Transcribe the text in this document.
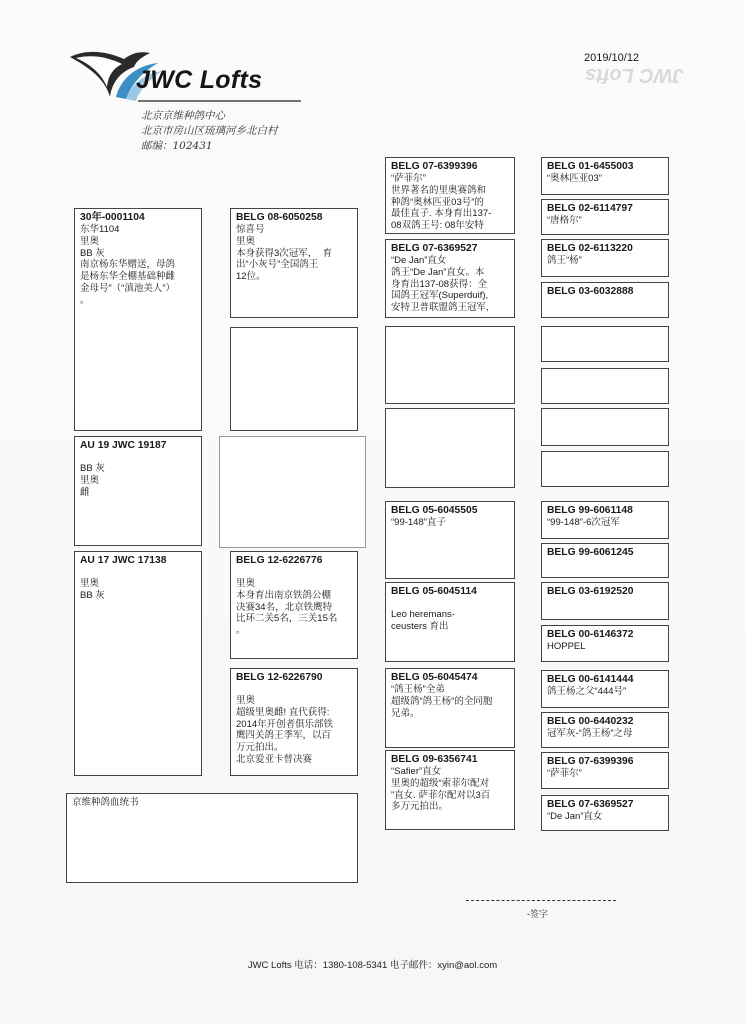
JWC Lofts
2019/10/12
JWC Lofts
北京京维种鸽中心
北京市房山区琉璃河乡北白村
邮编：102431
30年-0001104
东华1104
里奥
BB 灰
南京杨东华赠送，母鸽
是杨东华全棚基础种雌
金母号”（“滇池美人”）
。
AU 19 JWC 19187
BB 灰
里奥
雌
AU 17 JWC 17138
里奥
BB 灰
BELG 08-6050258
惊喜号
里奥
本身获得3次冠军，  育
出“小灰号”全国鸽王
12位。
BELG 12-6226776
里奥
本身育出南京铁鸽公棚
决赛34名，北京铁鹰特
比环二关5名，三关15名
。
BELG 12-6226790
里奥
超级里奥雌! 直代获得:
2014年开创者俱乐部铁
鹰四关鸽王季军，以百
万元拍出。
北京爱亚卡替决赛
BELG 07-6399396
“萨菲尔”
世界著名的里奥赛鸽和
种鸽“奥林匹亚03号”的
最佳直子. 本身育出137-
08双鸽王号: 08年安特
BELG 07-6369527
“De Jan”直女
鸽王“De Jan”直女。本
身育出137-08获得：全
国鸽王冠军(Superduif),
安特卫普联盟鸽王冠军,
BELG 05-6045505
“99-148”直子
BELG 05-6045114
Leo heremans-
ceusters 育出
BELG 05-6045474
“鸽王杨”全弟
超级鸽“鸽王杨”的全同胞
兄弟。
BELG 09-6356741
“Safier”直女
里奥的超级“索菲尔配对
”直女. 萨菲尔配对以3百
多万元拍出。
BELG 01-6455003
“奥林匹亚03”
BELG 02-6114797
“唐格尔”
BELG 02-6113220
鸽王“杨”
BELG 03-6032888
BELG 99-6061148
“99-148”-6次冠军
BELG 99-6061245
BELG 03-6192520
BELG 00-6146372
HOPPEL
BELG 00-6141444
鸽王杨之父“444号”
BELG 00-6440232
冠军灰-“鸽王杨”之母
BELG 07-6399396
“萨菲尔”
BELG 07-6369527
“De Jan”直女
京维种鸽血统书
-签字
JWC Lofts 电话：1380-108-5341 电子邮件：xyin@aol.com
